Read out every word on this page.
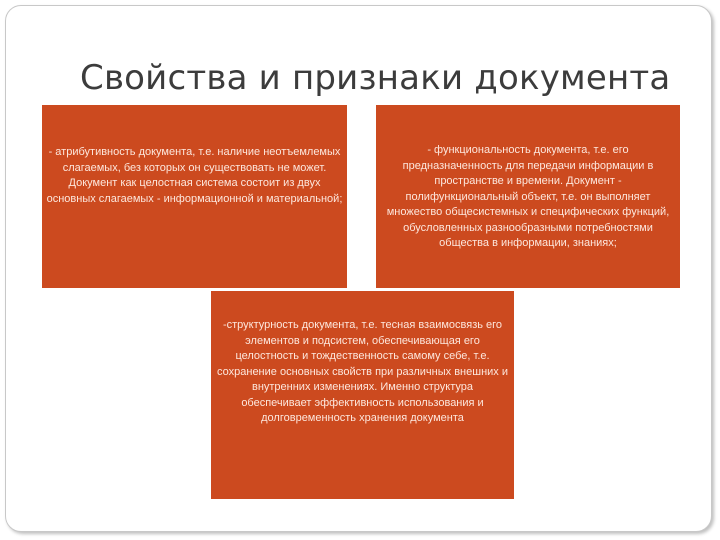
Свойства и признаки документа
- атрибутивность документа, т.е. наличие неотъемлемых слагаемых, без которых он существовать не может. Документ как целостная система состоит из двух основных слагаемых - информационной и материальной;
- функциональность документа, т.е. его предназначенность для передачи информации в пространстве и времени. Документ - полифункциональный объект, т.е. он выполняет множество общесистемных и специфических функций, обусловленных разнообразными потребностями общества в информации, знаниях;
-структурность документа, т.е. тесная взаимосвязь его элементов и подсистем, обеспечивающая его целостность и тождественность самому себе, т.е. сохранение основных свойств при различных внешних и внутренних изменениях. Именно структура обеспечивает эффективность использования и долговременность хранения документа
